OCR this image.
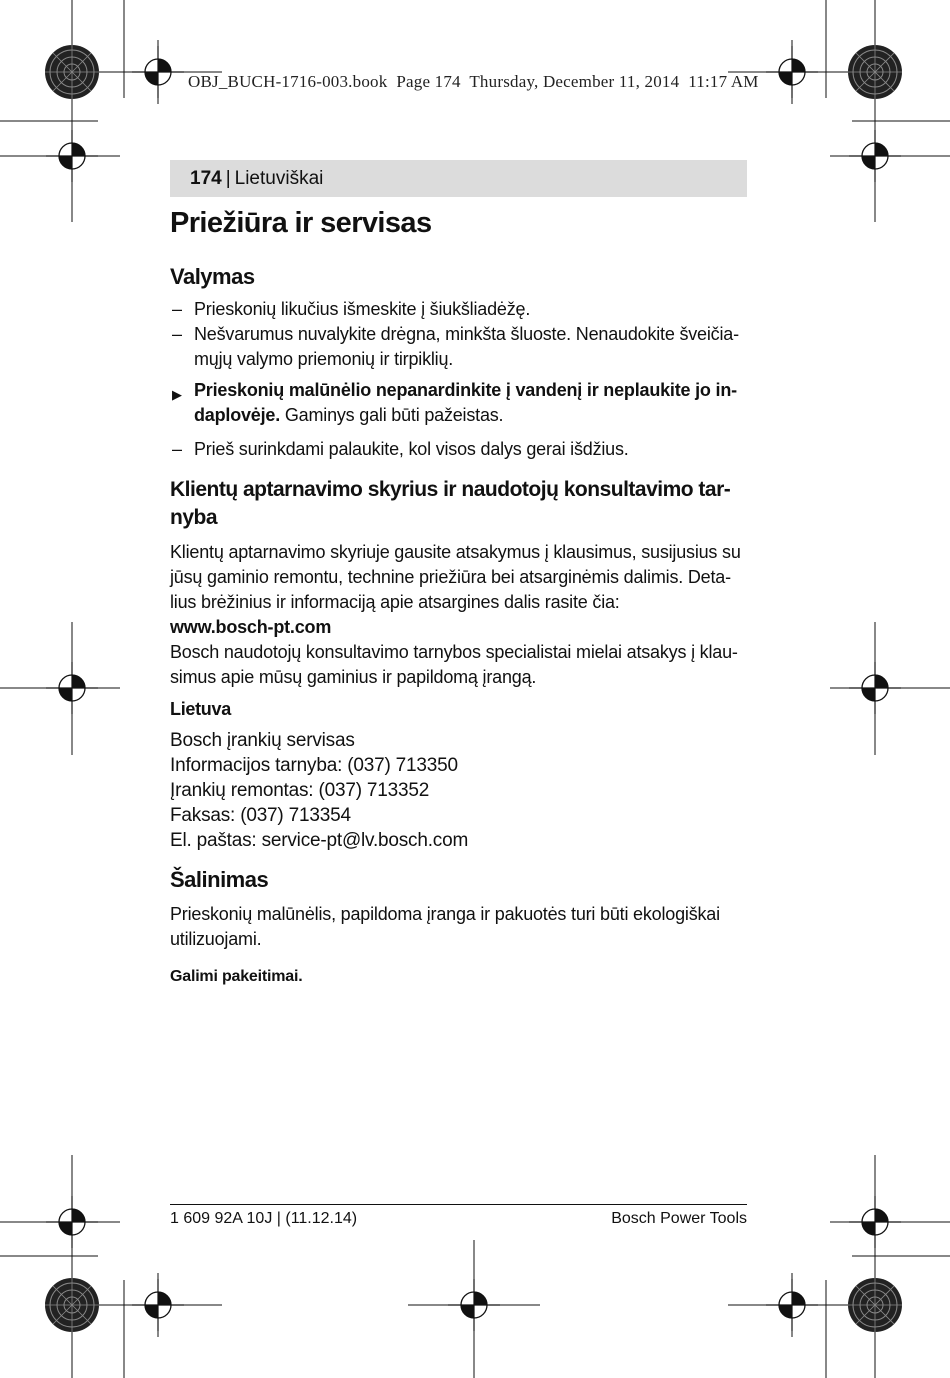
OBJ_BUCH-1716-003.book Page 174 Thursday, December 11, 2014 11:17 AM
174 | Lietuviškai
Priežiūra ir servisas
Valymas
– Prieskonių likučius išmeskite į šiukšliadėžę.
– Nešvarumus nuvalykite drėgna, minkšta šluoste. Nenaudokite šveičia-
mųjų valymo priemonių ir tirpiklių.
▶ Prieskonių malūnėlio nepanardinkite į vandenį ir neplaukite jo in-
daplovėje. Gaminys gali būti pažeistas.
– Prieš surinkdami palaukite, kol visos dalys gerai išdžius.
Klientų aptarnavimo skyrius ir naudotojų konsultavimo tar-
nyba
Klientų aptarnavimo skyriuje gausite atsakymus į klausimus, susijusius su
jūsų gaminio remontu, technine priežiūra bei atsarginėmis dalimis. Deta-
lius brėžinius ir informaciją apie atsargines dalis rasite čia:
www.bosch-pt.com
Bosch naudotojų konsultavimo tarnybos specialistai mielai atsakys į klau-
simus apie mūsų gaminius ir papildomą įrangą.
Lietuva
Bosch įrankių servisas
Informacijos tarnyba: (037) 713350
Įrankių remontas: (037) 713352
Faksas: (037) 713354
El. paštas: service-pt@lv.bosch.com
Šalinimas
Prieskonių malūnėlis, papildoma įranga ir pakuotės turi būti ekologiškai
utilizuojami.
Galimi pakeitimai.
1 609 92A 10J | (11.12.14)	Bosch Power Tools
